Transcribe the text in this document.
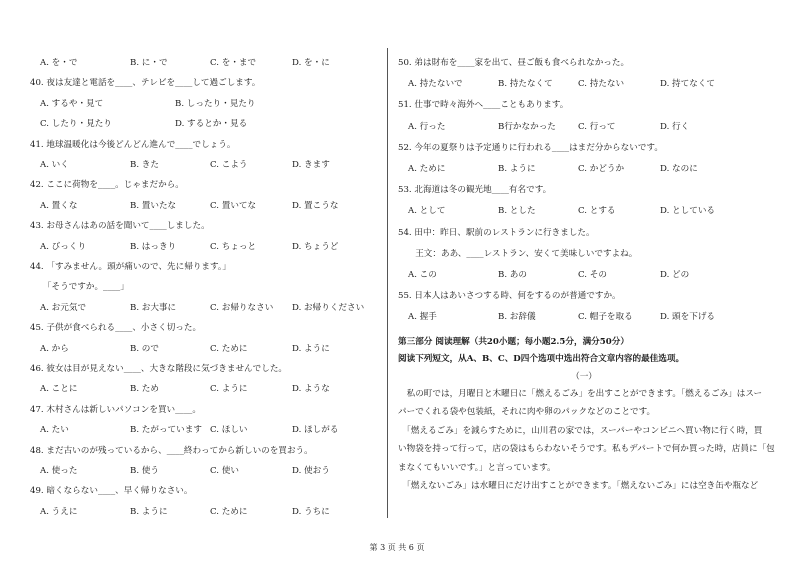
A. を・で	B. に・で	C. を・まで	D. を・に
40. 夜は友達と電話を____、テレビを____して過ごします。
A. するや・見て	B. しったり・見たり
C. したり・見たり	D. するとか・見る
41. 地球温暖化は今後どんどん進んで____でしょう。
A. いく	B. きた	C. こよう	D. きます
42. ここに荷物を____。じゃまだから。
A. 置くな	B. 置いたな	C. 置いてな	D. 置こうな
43. お母さんはあの話を聞いて____しました。
A. びっくり	B. はっきり	C. ちょっと	D. ちょうど
44. 「すみません。頭が痛いので、先に帰ります。」
　　「そうですか。____」
A. お元気で	B. お大事に	C. お帰りなさい D. お帰りください
45. 子供が食べられる____、小さく切った。
A. から	B. ので	C. ために	D. ように
46. 彼女は目が見えない____、大きな階段に気づきませんでした。
A. ことに	B. ため	C. ように	D. ような
47. 木村さんは新しいパソコンを買い____。
A. たい	B. たがっています C. ほしい	D. ほしがる
48. まだ古いのが残っているから、____終わってから新しいのを買おう。
A. 使った	B. 使う	C. 使い	D. 使おう
49. 暗くならない____、早く帰りなさい。
A. うえに	B. ように	C. ために	D. うちに
50. 弟は財布を____家を出て、昼ご飯も食べられなかった。
A. 持たないで	B. 持たなくて	C. 持たない	D. 持てなくて
51. 仕事で時々海外へ____こともあります。
A. 行った	B行かなかった	C. 行って	D. 行く
52. 今年の夏祭りは予定通りに行われる____はまだ分からないです。
A. ために	B. ように	C. かどうか	D. なのに
53. 北海道は冬の観光地____有名です。
A. として	B. とした	C. とする	D. としている
54. 田中：昨日、駅前のレストランに行きました。
　　王文：ああ、____レストラン、安くて美味しいですよね。
A. この	B. あの	C. その	D. どの
55. 日本人はあいさつする時、何をするのが普通ですか。
A. 握手	B. お辞儀	C. 帽子を取る	D. 頭を下げる
第三部分 阅读理解（共20小题；每小题2.5分，满分50分）
阅读下列短文，从A、B、C、D四个选项中选出符合文章内容的最佳选项。
（一）
　私の町では，月曜日と木曜日に「燃えるごみ」を出すことができます。「燃えるごみ」はスー
パーでくれる袋や包装紙，それに肉や卵のパックなどのことです。
　「燃えるごみ」を減らすために，山川君の家では，スーパーやコンビニへ買い物に行く時，買
い物袋を持って行って，店の袋はもらわないそうです。私もデパートで何か買った時，店員に「包
まなくてもいいです。」と言っています。
　「燃えないごみ」は水曜日にだけ出すことができます。「燃えないごみ」には空き缶や瓶など
第 3 页 共 6 页
